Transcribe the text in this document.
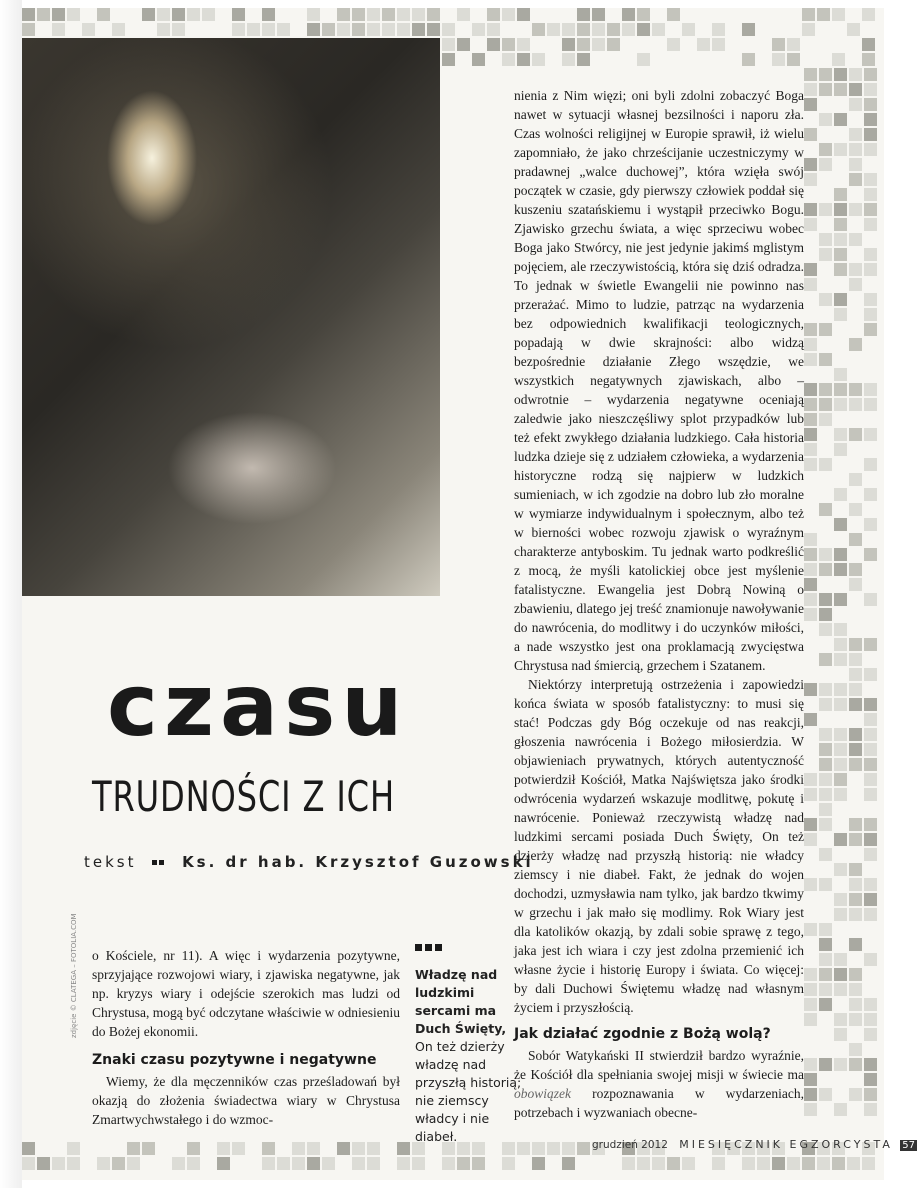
czasu
TRUDNOŚCI Z ICH
tekst	Ks. dr hab. Krzysztof Guzowski
zdjęcie © CLATEGA – FOTOLIA.COM o Kościele, nr 11). A więc i wydarzenia pozytywne, sprzyjające rozwojowi wiary, i zjawiska negatywne, jak np. kryzys wiary i odejście szerokich mas ludzi od Chrystusa, mogą być odczytane właściwie w odniesieniu do Bożej ekonomii.

Znaki czasu pozytywne i negatywne

Wiemy, że dla męczenników czas prześladowań był okazją do złożenia świadectwa wiary w Chrystusa Zmartwychwstałego i do wzmoc-

Władzę nad ludzkimi sercami ma Duch Święty,
On też dzierży władzę nad przyszłą historią; nie ziemscy władcy i nie diabeł.

nienia z Nim więzi; oni byli zdolni zobaczyć Boga nawet w sytuacji własnej bezsilności i naporu zła. Czas wolności religijnej w Europie sprawił, iż wielu zapomniało, że jako chrześcijanie uczestniczymy w pradawnej „walce duchowej”, która wzięła swój początek w czasie, gdy pierwszy człowiek poddał się kuszeniu szatańskiemu i wystąpił przeciwko Bogu. Zjawisko grzechu świata, a więc sprzeciwu wobec Boga jako Stwórcy, nie jest jedynie jakimś mglistym pojęciem, ale rzeczywistością, która się dziś odradza. To jednak w świetle Ewangelii nie powinno nas przerażać. Mimo to ludzie, patrząc na wydarzenia bez odpowiednich kwalifikacji teologicznych, popadają w dwie skrajności: albo widzą bezpośrednie działanie Złego wszędzie, we wszystkich negatywnych zjawiskach, albo – odwrotnie – wydarzenia negatywne oceniają zaledwie jako nieszczęśliwy splot przypadków lub też efekt zwykłego działania ludzkiego. Cała historia ludzka dzieje się z udziałem człowieka, a wydarzenia historyczne rodzą się najpierw w ludzkich sumieniach, w ich zgodzie na dobro lub zło moralne w wymiarze indywidualnym i społecznym, albo też w bierności wobec rozwoju zjawisk o wyraźnym charakterze antyboskim. Tu jednak warto podkreślić z mocą, że myśli katolickiej obce jest myślenie fatalistyczne. Ewangelia jest Dobrą Nowiną o zbawieniu, dlatego jej treść znamionuje nawoływanie do nawrócenia, do modlitwy i do uczynków miłości, a nade wszystko jest ona proklamacją zwycięstwa Chrystusa nad śmiercią, grzechem i Szatanem.

Niektórzy interpretują ostrzeżenia i zapowiedzi końca świata w sposób fatalistyczny: to musi się stać! Podczas gdy Bóg oczekuje od nas reakcji, głoszenia nawrócenia i Bożego miłosierdzia. W objawieniach prywatnych, których autentyczność potwierdził Kościół, Matka Najświętsza jako środki odwrócenia wydarzeń wskazuje modlitwę, pokutę i nawrócenie. Ponieważ rzeczywistą władzę nad ludzkimi sercami posiada Duch Święty, On też dzierży władzę nad przyszłą historią: nie władcy ziemscy i nie diabeł. Fakt, że jednak do wojen dochodzi, uzmysławia nam tylko, jak bardzo tkwimy w grzechu i jak mało się modlimy. Rok Wiary jest dla katolików okazją, by zdali sobie sprawę z tego, jaka jest ich wiara i czy jest zdolna przemienić ich własne życie i historię Europy i świata. Co więcej: by dali Duchowi Świętemu władzę nad własnym życiem i przyszłością.

Jak działać zgodnie z Bożą wolą?

Sobór Watykański II stwierdził bardzo wyraźnie, że Kościół dla spełniania swojej misji w świecie ma obowiązek rozpoznawania w wydarzeniach, potrzebach i wyzwaniach obecne-

grudzień 2012 MIESIĘCZNIK EGZORCYSTA 57
